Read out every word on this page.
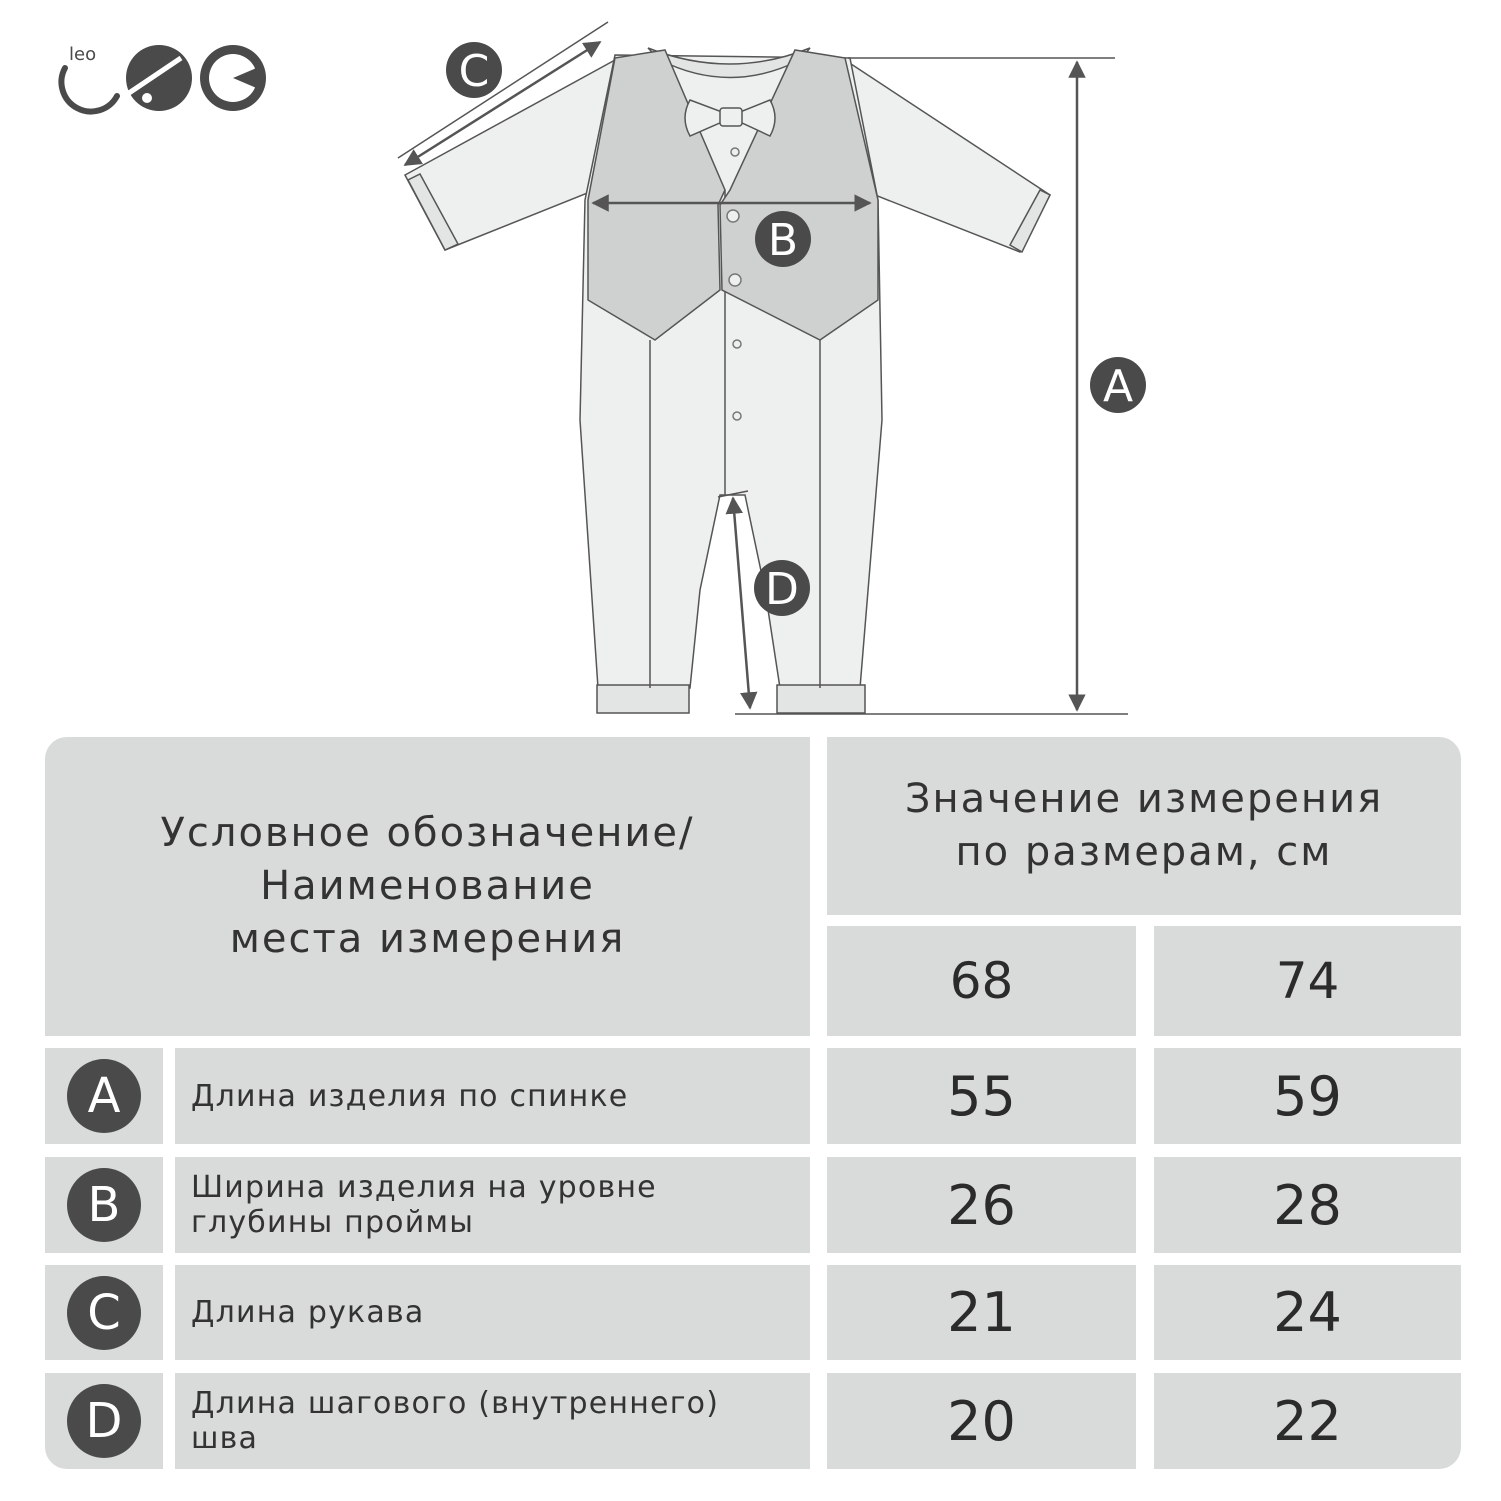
leo	C
B
A
D
Условное обозначение/
Наименование
места измерения
Значение измерения
по размерам, см
68	74
A	Длина изделия по спинке	55	59
B	Ширина изделия на уровне
глубины проймы	26	28
C	Длина рукава	21	24
D	Длина шагового (внутреннего)
шва	20	22
